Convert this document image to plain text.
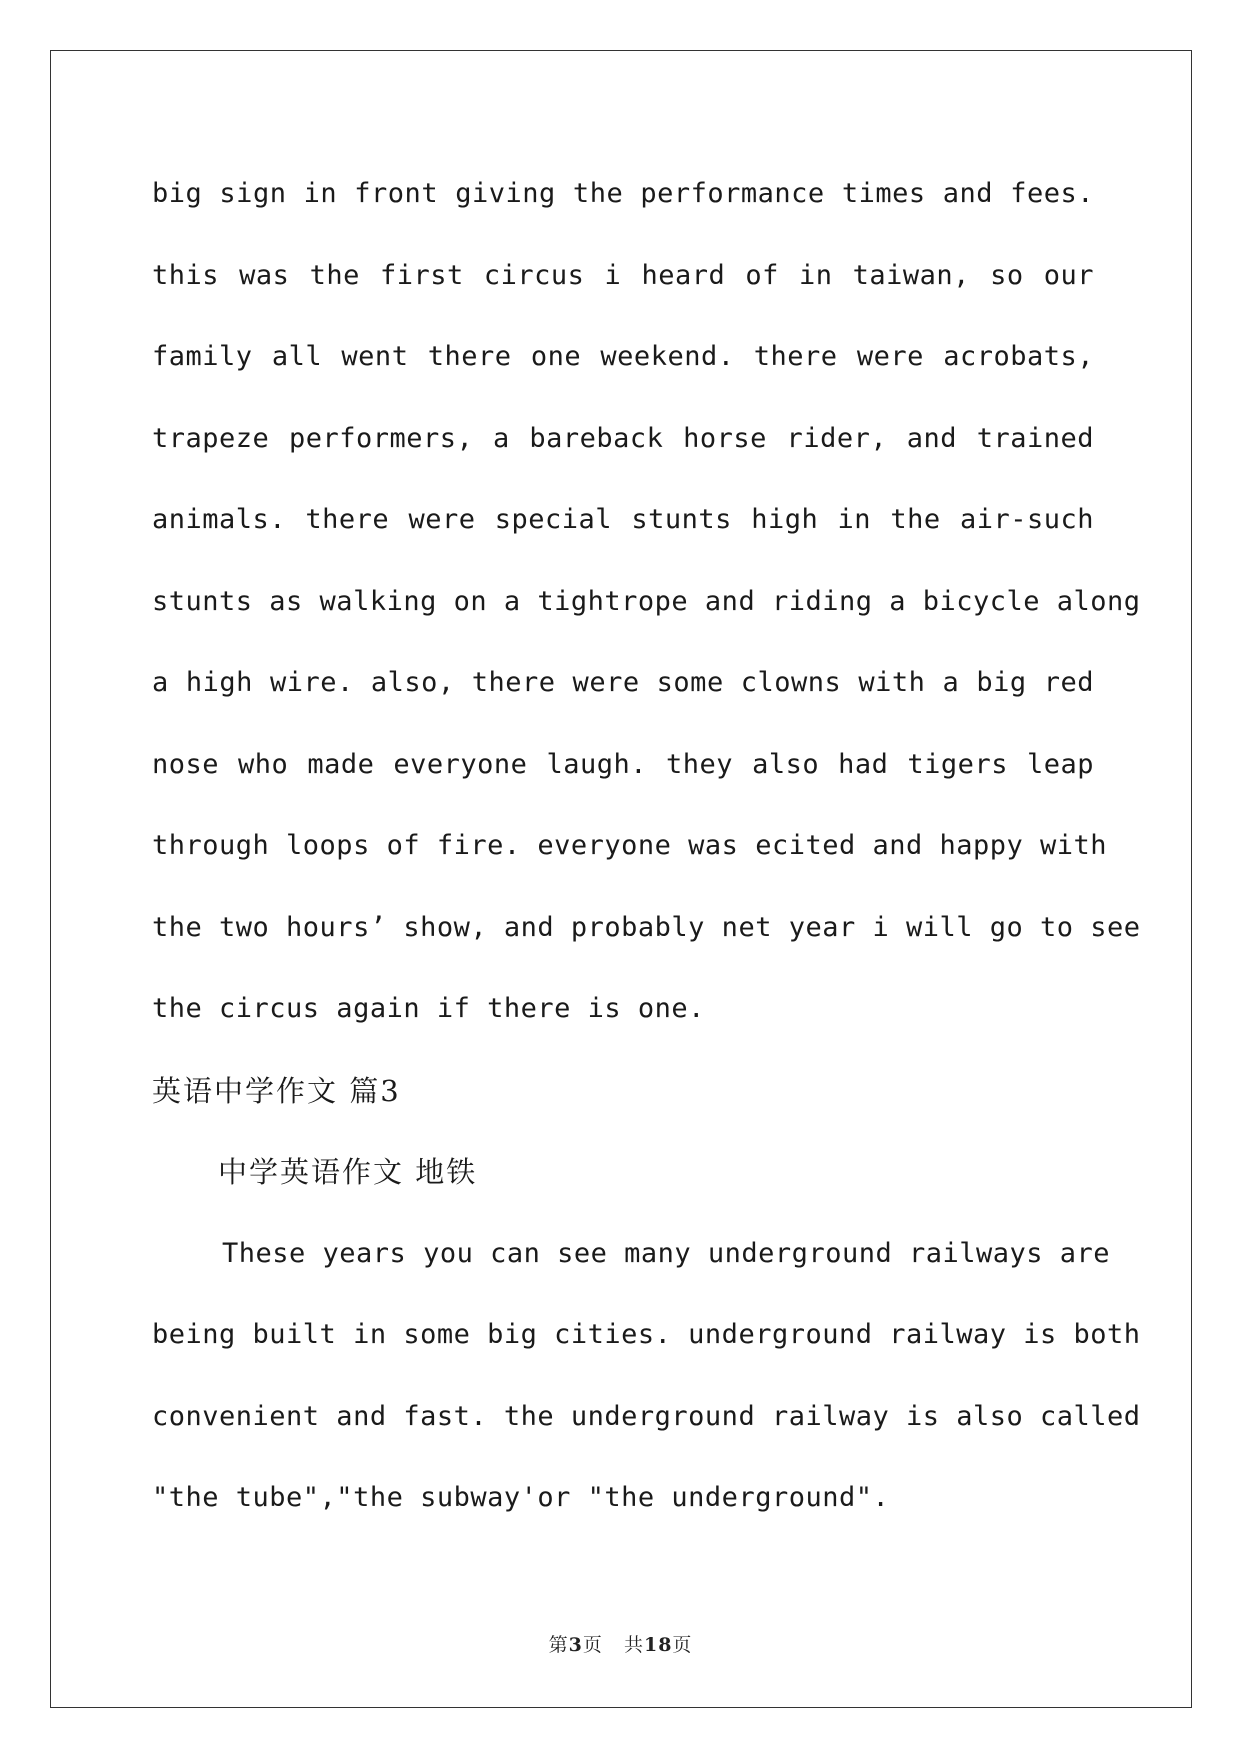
big sign in front giving the performance times and fees.
this was the first circus i heard of in taiwan, so our
family all went there one weekend. there were acrobats,
trapeze performers, a bareback horse rider, and trained
animals. there were special stunts high in the air-such
stunts as walking on a tightrope and riding a bicycle along
a high wire. also, there were some clowns with a big red
nose who made everyone laugh. they also had tigers leap
through loops of fire. everyone was ecited and happy with
the two hours’ show, and probably net year i will go to see
the circus again if there is one.
英语中学作文 篇3
中学英语作文 地铁
These years you can see many underground railways are
being built in some big cities. underground railway is both
convenient and fast. the underground railway is also called
"the tube","the subway'or "the underground".
第3页 共18页
